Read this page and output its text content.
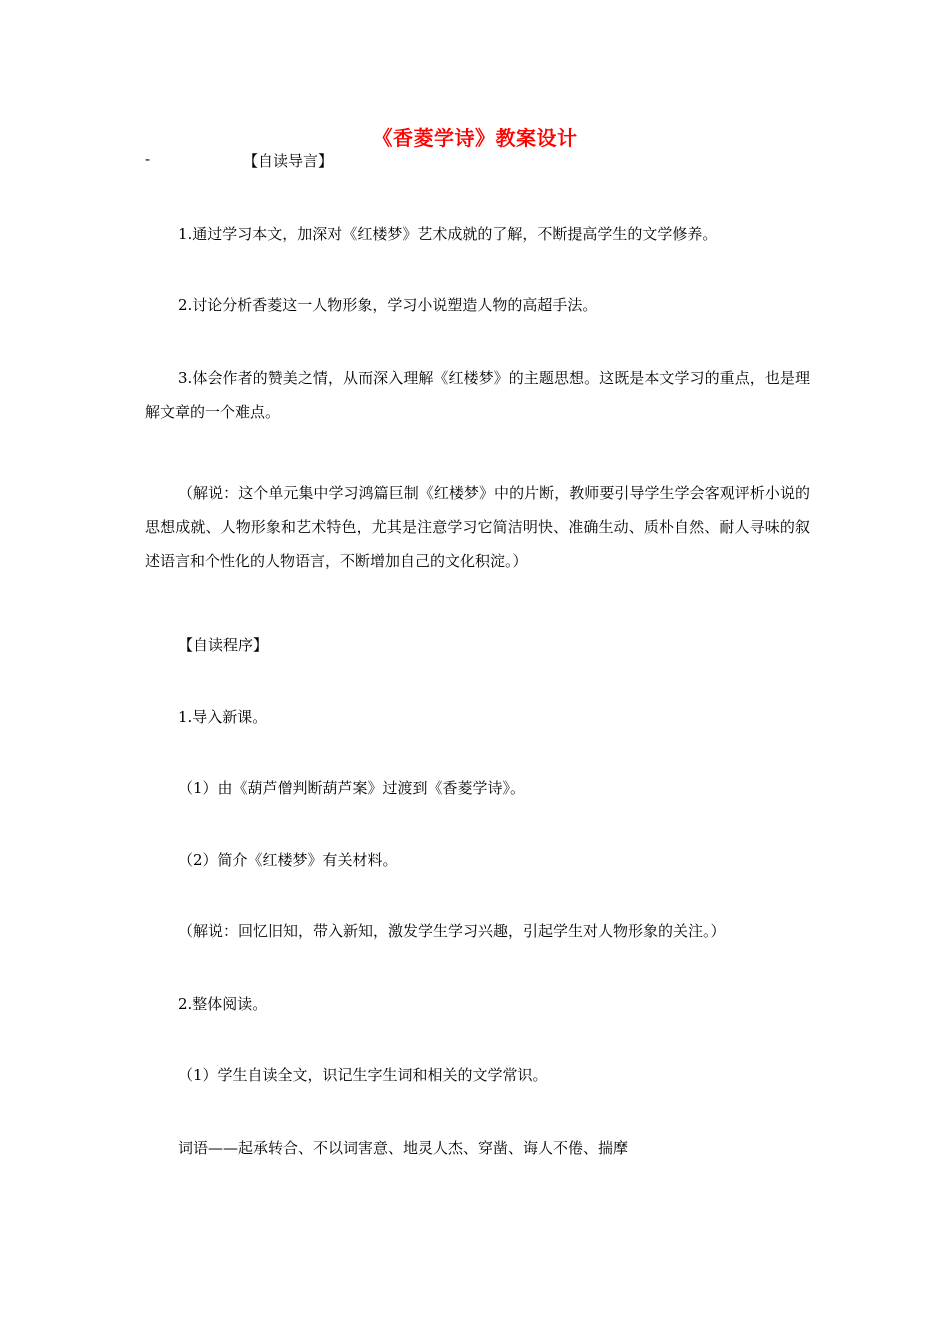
《香菱学诗》教案设计
-	【自读导言】
1.通过学习本文，加深对《红楼梦》艺术成就的了解，不断提高学生的文学修养。
2.讨论分析香菱这一人物形象，学习小说塑造人物的高超手法。
3.体会作者的赞美之情，从而深入理解《红楼梦》的主题思想。这既是本文学习的重点，也是理解文章的一个难点。
（解说：这个单元集中学习鸿篇巨制《红楼梦》中的片断，教师要引导学生学会客观评析小说的思想成就、人物形象和艺术特色，尤其是注意学习它简洁明快、准确生动、质朴自然、耐人寻味的叙述语言和个性化的人物语言，不断增加自己的文化积淀。）
【自读程序】
1.导入新课。
（1）由《葫芦僧判断葫芦案》过渡到《香菱学诗》。
（2）简介《红楼梦》有关材料。
（解说：回忆旧知，带入新知，激发学生学习兴趣，引起学生对人物形象的关注。）
2.整体阅读。
（1）学生自读全文，识记生字生词和相关的文学常识。
词语——起承转合、不以词害意、地灵人杰、穿凿、诲人不倦、揣摩
